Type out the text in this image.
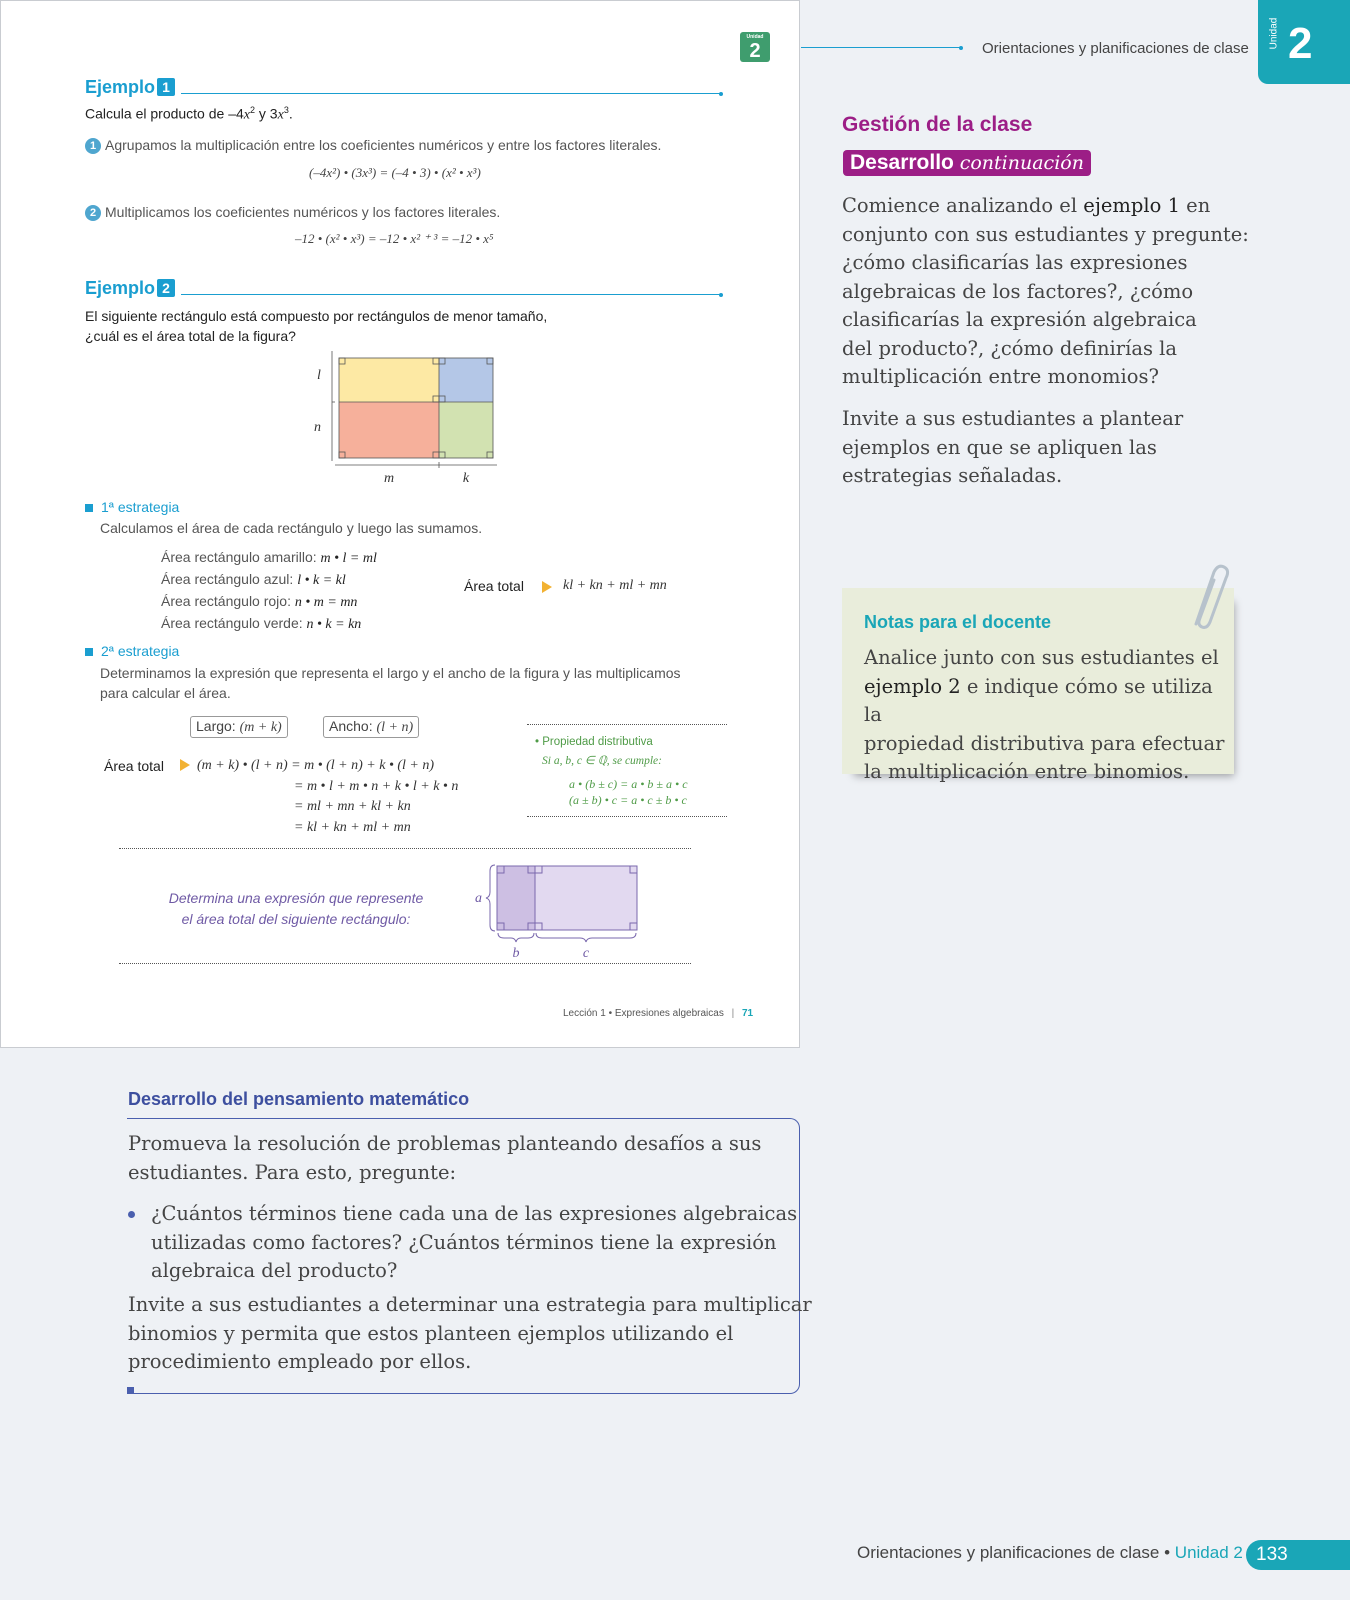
Unidad
2
Ejemplo 1
Calcula el producto de $-4x^2$ y $3x^3$.
1 Agrupamos la multiplicación entre los coeficientes numéricos y entre los factores literales.
(–4x²) • (3x³) = (–4 • 3) • (x² • x³)
2 Multiplicamos los coeficientes numéricos y los factores literales.
–12 • (x² • x³) = –12 • x² ⁺ ³ = –12 • x⁵
Ejemplo 2
El siguiente rectángulo está compuesto por rectángulos de menor tamaño,
¿cuál es el área total de la figura?
l
n
m	k
1ª estrategia
Calculamos el área de cada rectángulo y luego las sumamos.
Área rectángulo amarillo: m • l = ml
Área rectángulo azul: l • k = kl
Área rectángulo rojo: n • m = mn
Área rectángulo verde: n • k = kn
Área total	kl + kn + ml + mn
2ª estrategia
Determinamos la expresión que representa el largo y el ancho de la figura y las multiplicamos
para calcular el área.
Largo: (m + k)	Ancho: (l + n)
Área total (m + k) • (l + n) = m • (l + n) + k • (l + n)
= m • l + m • n + k • l + k • n
= ml + mn + kl + kn
= kl + kn + ml + mn
• Propiedad distributiva
Si a, b, c ∈ ℚ, se cumple:
a • (b ± c) = a • b ± a • c
(a ± b) • c = a • c ± b • c
Determina una expresión que represente
el área total del siguiente rectángulo:
a
b	c
Lección 1 • Expresiones algebraicas | 71
Orientaciones y planificaciones de clase Unidad 2
Gestión de la clase
Desarrollo continuación
Comience analizando el ejemplo 1 en
conjunto con sus estudiantes y pregunte:
¿cómo clasificarías las expresiones
algebraicas de los factores?, ¿cómo
clasificarías la expresión algebraica
del producto?, ¿cómo definirías la
multiplicación entre monomios?
Invite a sus estudiantes a plantear
ejemplos en que se apliquen las
estrategias señaladas.
Notas para el docente
Analice junto con sus estudiantes el
ejemplo 2 e indique cómo se utiliza la
propiedad distributiva para efectuar
la multiplicación entre binomios.
Desarrollo del pensamiento matemático
Promueva la resolución de problemas planteando desafíos a sus
estudiantes. Para esto, pregunte:
¿Cuántos términos tiene cada una de las expresiones algebraicas
utilizadas como factores? ¿Cuántos términos tiene la expresión
algebraica del producto?
Invite a sus estudiantes a determinar una estrategia para multiplicar
binomios y permita que estos planteen ejemplos utilizando el
procedimiento empleado por ellos.
Orientaciones y planificaciones de clase • Unidad 2 133
